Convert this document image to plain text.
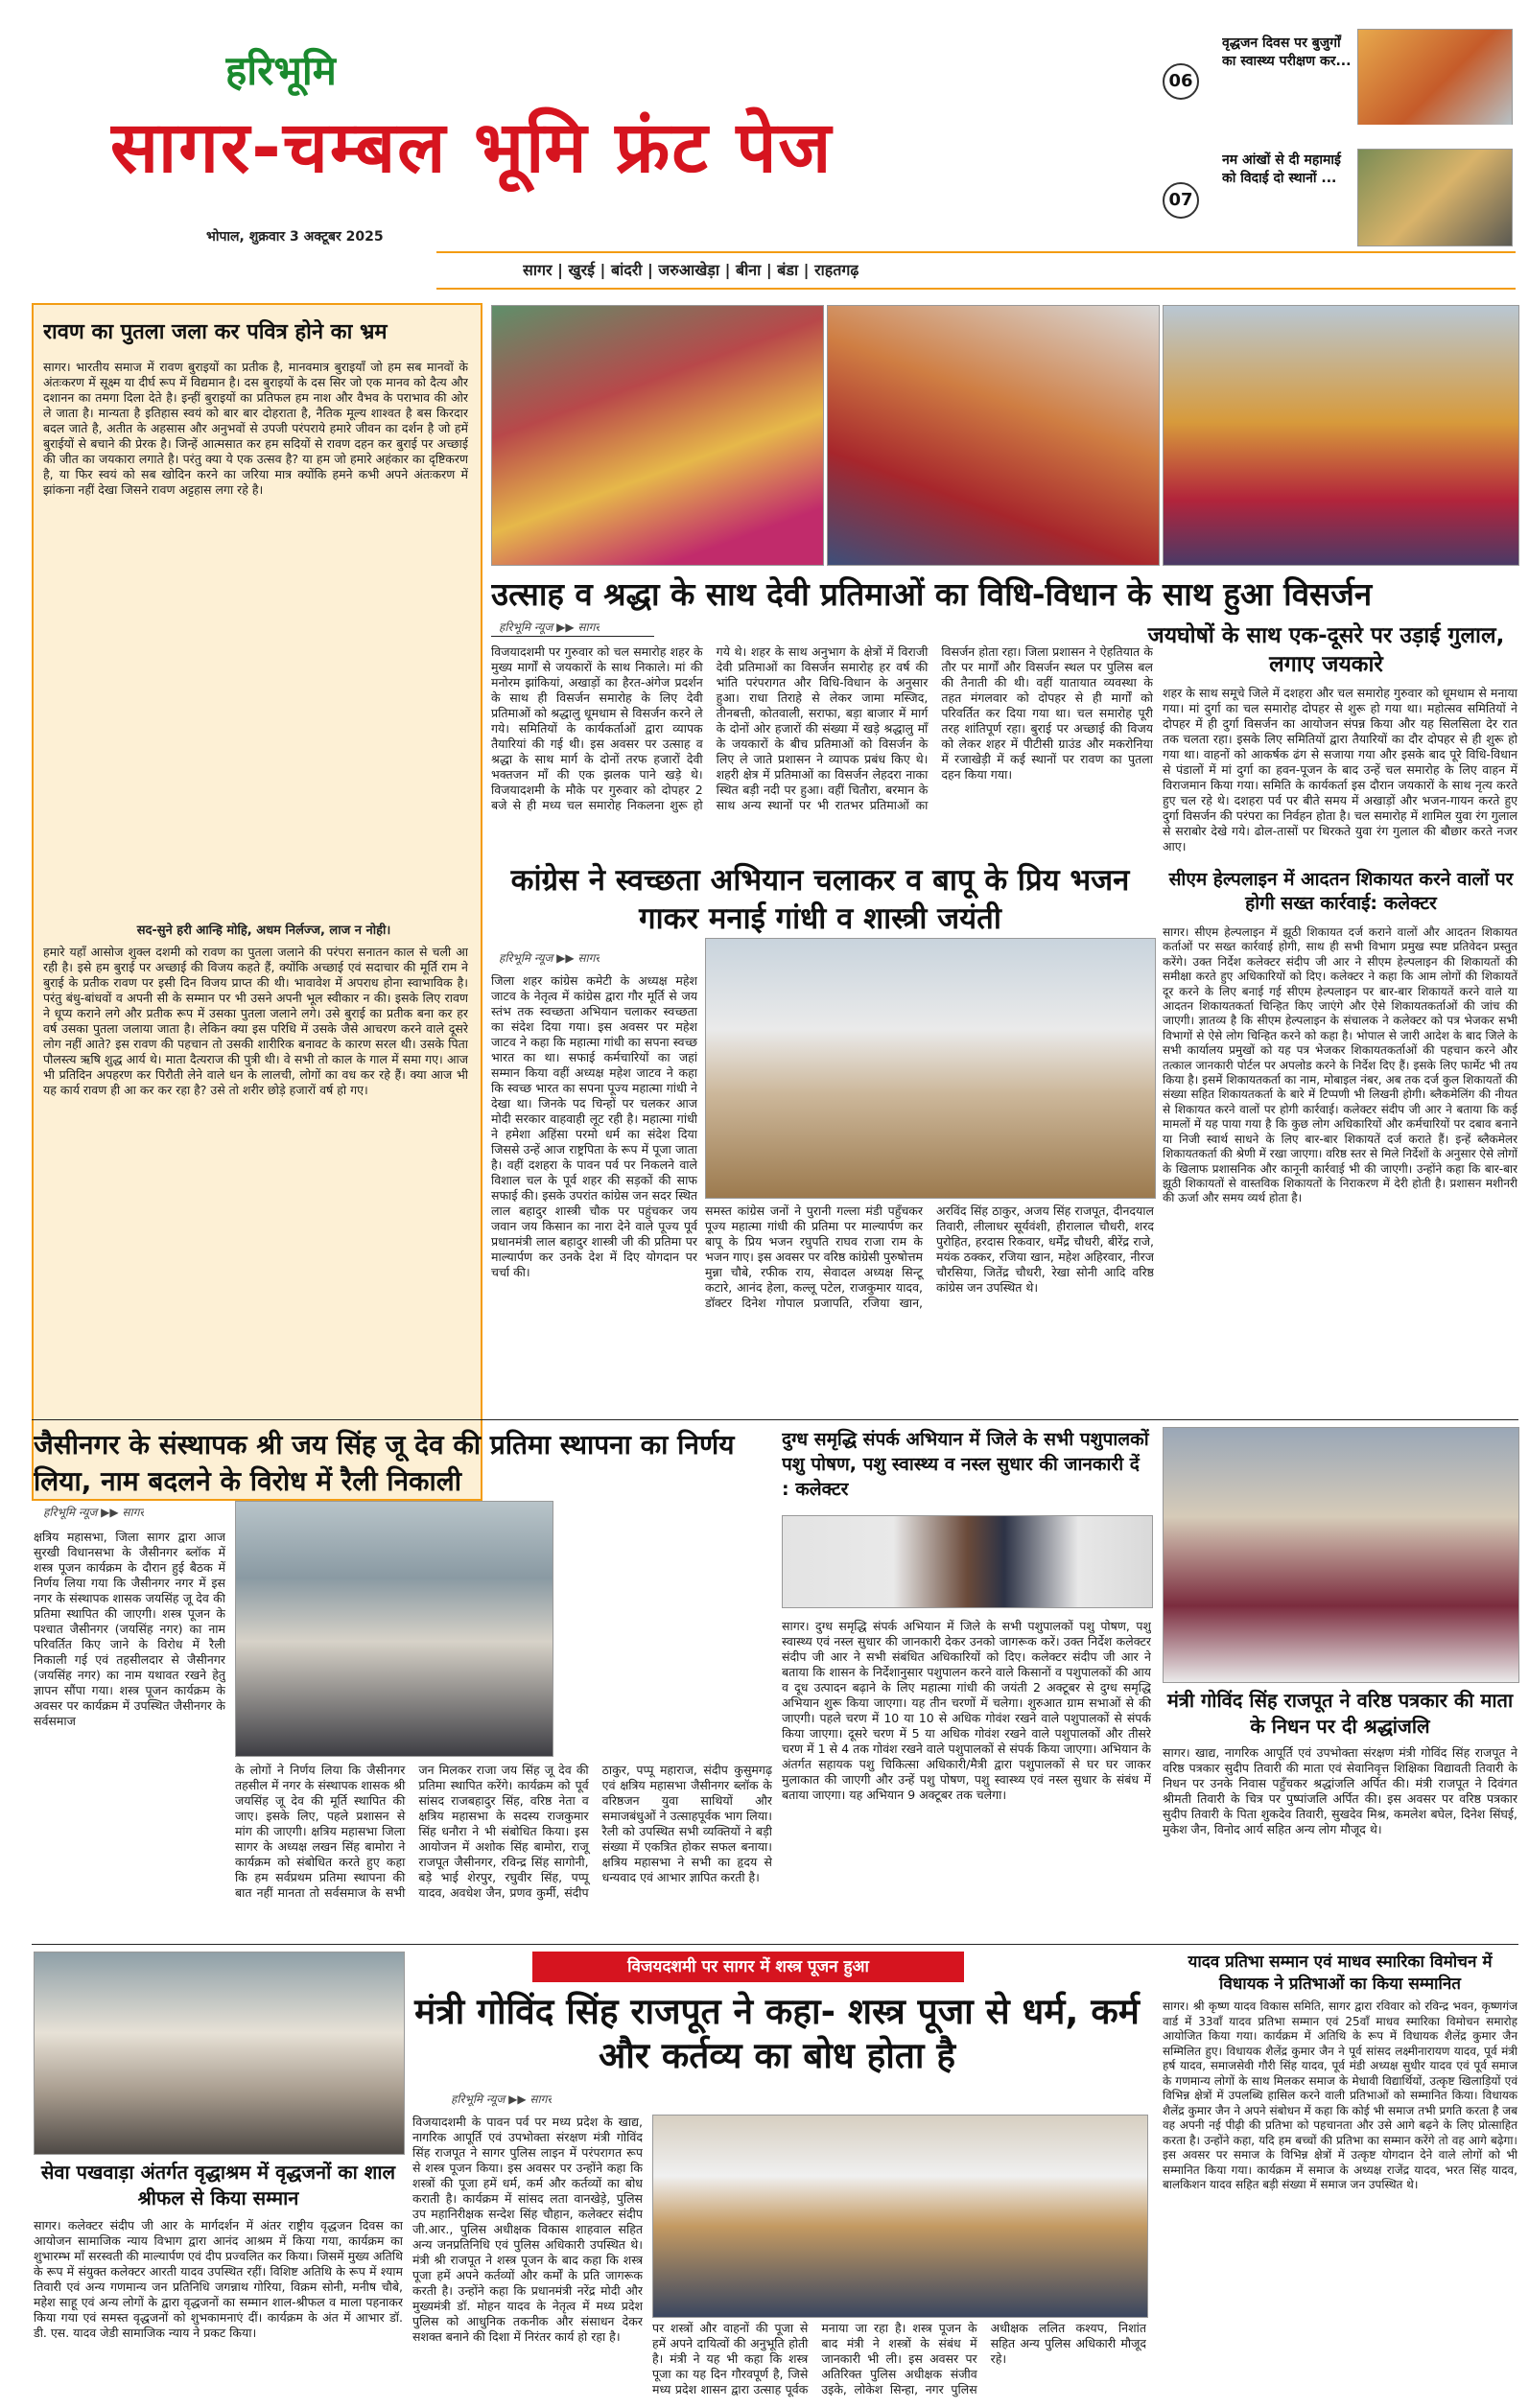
हरिभूमि
सागर-चम्बल भूमि फ्रंट पेज
भोपाल, शुक्रवार 3 अक्टूबर 2025
06
वृद्धजन दिवस पर बुजुर्गों का स्वास्थ्य परीक्षण कर...
07
नम आंखों से दी महामाई को विदाई दो स्थानों ...
सागर | खुरई | बांदरी | जरुआखेड़ा | बीना | बंडा | राहतगढ़
रावण का पुतला जला कर पवित्र होने का भ्रम
सागर। भारतीय समाज में रावण बुराइयों का प्रतीक है, मानवमात्र बुराइयाँ जो हम सब मानवों के अंतःकरण में सूक्ष्म या दीर्घ रूप में विद्यमान है। दस बुराइयों के दस सिर जो एक मानव को दैत्य और दशानन का तमगा दिला देते है। इन्हीं बुराइयों का प्रतिफल हम नाश और वैभव के पराभाव की ओर ले जाता है। मान्यता है इतिहास स्वयं को बार बार दोहराता है, नैतिक मूल्य शाश्वत है बस किरदार बदल जाते है, अतीत के अहसास और अनुभवों से उपजी परंपराये हमारे जीवन का दर्शन है जो हमें बुराईयों से बचाने की प्रेरक है। जिन्हें आत्मसात कर हम सदियों से रावण दहन कर बुराई पर अच्छाई की जीत का जयकारा लगाते है। परंतु क्या ये एक उत्सव है? या हम जो हमारे अहंकार का दृष्टिकरण है, या फिर स्वयं को सब खोदिन करने का जरिया मात्र क्योंकि हमने कभी अपने अंतःकरण में झांकना नहीं देखा जिसने रावण अट्टहास लगा रहे है।
सद-सुने हरी आन्हि मोहि, अधम निर्लज्ज, लाज न नोही।
हमारे यहाँ आसोज शुक्ल दशमी को रावण का पुतला जलाने की परंपरा सनातन काल से चली आ रही है। इसे हम बुराई पर अच्छाई की विजय कहते हैं, क्योंकि अच्छाई एवं सदाचार की मूर्ति राम ने बुराई के प्रतीक रावण पर इसी दिन विजय प्राप्त की थी। भावावेश में अपराध होना स्वाभाविक है। परंतु बंधु-बांधवों व अपनी सी के सम्मान पर भी उसने अपनी भूल स्वीकार न की। इसके लिए रावण ने धूप्य कराने लगे और प्रतीक रूप में उसका पुतला जलाने लगे। उसे बुराई का प्रतीक बना कर हर वर्ष उसका पुतला जलाया जाता है। लेकिन क्या इस परिधि में उसके जैसे आचरण करने वाले दूसरे लोग नहीं आते? इस रावण की पहचान तो उसकी शारीरिक बनावट के कारण सरल थी। उसके पिता पौलस्त्य ऋषि शुद्ध आर्य थे। माता दैत्यराज की पुत्री थी। वे सभी तो काल के गाल में समा गए। आज भी प्रतिदिन अपहरण कर पिरौती लेने वाले धन के लालची, लोगों का वध कर रहे हैं। क्या आज भी यह कार्य रावण ही आ कर कर रहा है? उसे तो शरीर छोड़े हजारों वर्ष हो गए।
उत्साह व श्रद्धा के साथ देवी प्रतिमाओं का विधि-विधान के साथ हुआ विसर्जन
हरिभूमि न्यूज ▶▶ सागर
विजयादशमी पर गुरुवार को चल समारोह शहर के मुख्य मार्गों से जयकारों के साथ निकाले। मां की मनोरम झांकियां, अखाड़ों का हैरत-अंगेज प्रदर्शन के साथ ही विसर्जन समारोह के लिए देवी प्रतिमाओं को श्रद्धालु धूमधाम से विसर्जन करने ले गये। समितियों के कार्यकर्ताओं द्वारा व्यापक तैयारियां की गई थी। इस अवसर पर उत्साह व श्रद्धा के साथ मार्ग के दोनों तरफ हजारों देवी भक्तजन माँ की एक झलक पाने खड़े थे। विजयादशमी के मौके पर गुरुवार को दोपहर 2 बजे से ही मध्य चल समारोह निकलना शुरू हो गये थे। शहर के साथ अनुभाग के क्षेत्रों में विराजी देवी प्रतिमाओं का विसर्जन समारोह हर वर्ष की भांति परंपरागत और विधि-विधान के अनुसार हुआ। राधा तिराहे से लेकर जामा मस्जिद, तीनबत्ती, कोतवाली, सराफा, बड़ा बाजार में मार्ग के दोनों ओर हजारों की संख्या में खड़े श्रद्धालु माँ के जयकारों के बीच प्रतिमाओं को विसर्जन के लिए ले जाते प्रशासन ने व्यापक प्रबंध किए थे। शहरी क्षेत्र में प्रतिमाओं का विसर्जन लेहदरा नाका स्थित बड़ी नदी पर हुआ। वहीं चितौरा, बरमान के साथ अन्य स्थानों पर भी रातभर प्रतिमाओं का विसर्जन होता रहा। जिला प्रशासन ने ऐहतियात के तौर पर मार्गों और विसर्जन स्थल पर पुलिस बल की तैनाती की थी। वहीं यातायात व्यवस्था के तहत मंगलवार को दोपहर से ही मार्गों को परिवर्तित कर दिया गया था। चल समारोह पूरी तरह शांतिपूर्ण रहा। बुराई पर अच्छाई की विजय को लेकर शहर में पीटीसी ग्राउंड और मकरोनिया में रजाखेड़ी में कई स्थानों पर रावण का पुतला दहन किया गया।
जयघोषों के साथ एक-दूसरे पर उड़ाई गुलाल, लगाए जयकारे
शहर के साथ समूचे जिले में दशहरा और चल समारोह गुरुवार को धूमधाम से मनाया गया। मां दुर्गा का चल समारोह दोपहर से शुरू हो गया था। महोत्सव समितियों ने दोपहर में ही दुर्गा विसर्जन का आयोजन संपन्न किया और यह सिलसिला देर रात तक चलता रहा। इसके लिए समितियों द्वारा तैयारियों का दौर दोपहर से ही शुरू हो गया था। वाहनों को आकर्षक ढंग से सजाया गया और इसके बाद पूरे विधि-विधान से पंडालों में मां दुर्गा का हवन-पूजन के बाद उन्हें चल समारोह के लिए वाहन में विराजमान किया गया। समिति के कार्यकर्ता इस दौरान जयकारों के साथ नृत्य करते हुए चल रहे थे। दशहरा पर्व पर बीते समय में अखाड़ों और भजन-गायन करते हुए दुर्गा विसर्जन की परंपरा का निर्वहन होता है। चल समारोह में शामिल युवा रंग गुलाल से सराबोर देखे गये। ढोल-तासों पर थिरकते युवा रंग गुलाल की बौछार करते नजर आए।
कांग्रेस ने स्वच्छता अभियान चलाकर व बापू के प्रिय भजन गाकर मनाई गांधी व शास्त्री जयंती
हरिभूमि न्यूज ▶▶ सागर
जिला शहर कांग्रेस कमेटी के अध्यक्ष महेश जाटव के नेतृत्व में कांग्रेस द्वारा गौर मूर्ति से जय स्तंभ तक स्वच्छता अभियान चलाकर स्वच्छता का संदेश दिया गया। इस अवसर पर महेश जाटव ने कहा कि महात्मा गांधी का सपना स्वच्छ भारत का था। सफाई कर्मचारियों का जहां सम्मान किया वहीं अध्यक्ष महेश जाटव ने कहा कि स्वच्छ भारत का सपना पूज्य महात्मा गांधी ने देखा था। जिनके पद चिन्हों पर चलकर आज मोदी सरकार वाहवाही लूट रही है। महात्मा गांधी ने हमेशा अहिंसा परमो धर्म का संदेश दिया जिससे उन्हें आज राष्ट्रपिता के रूप में पूजा जाता है। वहीं दशहरा के पावन पर्व पर निकलने वाले विशाल चल के पूर्व शहर की सड़कों की साफ सफाई की। इसके उपरांत कांग्रेस जन सदर स्थित लाल बहादुर शास्त्री चौक पर पहुंचकर जय जवान जय किसान का नारा देने वाले पूज्य पूर्व प्रधानमंत्री लाल बहादुर शास्त्री जी की प्रतिमा पर माल्यार्पण कर उनके देश में दिए योगदान पर चर्चा की।
समस्त कांग्रेस जनों ने पुरानी गल्ला मंडी पहुँचकर पूज्य महात्मा गांधी की प्रतिमा पर माल्यार्पण कर बापू के प्रिय भजन रघुपति राघव राजा राम के भजन गाए। इस अवसर पर वरिष्ठ कांग्रेसी पुरुषोत्तम मुन्ना चौबे, रफीक राय, सेवादल अध्यक्ष सिन्टू कटारे, आनंद हेला, कल्लू पटेल, राजकुमार यादव, डॉक्टर दिनेश गोपाल प्रजापति, रजिया खान, अरविंद सिंह ठाकुर, अजय सिंह राजपूत, दीनदयाल तिवारी, लीलाधर सूर्यवंशी, हीरालाल चौधरी, शरद पुरोहित, हरदास रिकवार, धर्मेंद्र चौधरी, बीरेंद्र राजे, मयंक ठक्कर, रजिया खान, महेश अहिरवार, नीरज चौरसिया, जितेंद्र चौधरी, रेखा सोनी आदि वरिष्ठ कांग्रेस जन उपस्थित थे।
सीएम हेल्पलाइन में आदतन शिकायत करने वालों पर होगी सख्त कार्रवाई: कलेक्टर
सागर। सीएम हेल्पलाइन में झूठी शिकायत दर्ज कराने वालों और आदतन शिकायत कर्ताओं पर सख्त कार्रवाई होगी, साथ ही सभी विभाग प्रमुख स्पष्ट प्रतिवेदन प्रस्तुत करेंगे। उक्त निर्देश कलेक्टर संदीप जी आर ने सीएम हेल्पलाइन की शिकायतों की समीक्षा करते हुए अधिकारियों को दिए। कलेक्टर ने कहा कि आम लोगों की शिकायतें दूर करने के लिए बनाई गई सीएम हेल्पलाइन पर बार-बार शिकायतें करने वाले या आदतन शिकायतकर्ता चिन्हित किए जाएंगे और ऐसे शिकायतकर्ताओं की जांच की जाएगी। ज्ञातव्य है कि सीएम हेल्पलाइन के संचालक ने कलेक्टर को पत्र भेजकर सभी विभागों से ऐसे लोग चिन्हित करने को कहा है। भोपाल से जारी आदेश के बाद जिले के सभी कार्यालय प्रमुखों को यह पत्र भेजकर शिकायतकर्ताओं की पहचान करने और तत्काल जानकारी पोर्टल पर अपलोड करने के निर्देश दिए हैं। इसके लिए फार्मेट भी तय किया है। इसमें शिकायतकर्ता का नाम, मोबाइल नंबर, अब तक दर्ज कुल शिकायतों की संख्या सहित शिकायतकर्ता के बारे में टिप्पणी भी लिखनी होगी। ब्लैकमेलिंग की नीयत से शिकायत करने वालों पर होगी कार्रवाई। कलेक्टर संदीप जी आर ने बताया कि कई मामलों में यह पाया गया है कि कुछ लोग अधिकारियों और कर्मचारियों पर दबाव बनाने या निजी स्वार्थ साधने के लिए बार-बार शिकायतें दर्ज कराते हैं। इन्हें ब्लैकमेलर शिकायतकर्ता की श्रेणी में रखा जाएगा। वरिष्ठ स्तर से मिले निर्देशों के अनुसार ऐसे लोगों के खिलाफ प्रशासनिक और कानूनी कार्रवाई भी की जाएगी। उन्होंने कहा कि बार-बार झूठी शिकायतों से वास्तविक शिकायतों के निराकरण में देरी होती है। प्रशासन मशीनरी की ऊर्जा और समय व्यर्थ होता है।
जैसीनगर के संस्थापक श्री जय सिंह जू देव की प्रतिमा स्थापना का निर्णय लिया, नाम बदलने के विरोध में रैली निकाली
हरिभूमि न्यूज ▶▶ सागर
क्षत्रिय महासभा, जिला सागर द्वारा आज सुरखी विधानसभा के जैसीनगर ब्लॉक में शस्त्र पूजन कार्यक्रम के दौरान हुई बैठक में निर्णय लिया गया कि जैसीनगर नगर में इस नगर के संस्थापक शासक जयसिंह जू देव की प्रतिमा स्थापित की जाएगी। शस्त्र पूजन के पश्चात जैसीनगर (जयसिंह नगर) का नाम परिवर्तित किए जाने के विरोध में रैली निकाली गई एवं तहसीलदार से जैसीनगर (जयसिंह नगर) का नाम यथावत रखने हेतु ज्ञापन सौंपा गया। शस्त्र पूजन कार्यक्रम के अवसर पर कार्यक्रम में उपस्थित जैसीनगर के सर्वसमाज
के लोगों ने निर्णय लिया कि जैसीनगर तहसील में नगर के संस्थापक शासक श्री जयसिंह जू देव की मूर्ति स्थापित की जाए। इसके लिए, पहले प्रशासन से मांग की जाएगी। क्षत्रिय महासभा जिला सागर के अध्यक्ष लखन सिंह बामोरा ने कार्यक्रम को संबोधित करते हुए कहा कि हम सर्वप्रथम प्रतिमा स्थापना की बात नहीं मानता तो सर्वसमाज के सभी जन मिलकर राजा जय सिंह जू देव की प्रतिमा स्थापित करेंगे। कार्यक्रम को पूर्व सांसद राजबहादुर सिंह, वरिष्ठ नेता व क्षत्रिय महासभा के सदस्य राजकुमार सिंह धनौरा ने भी संबोधित किया। इस आयोजन में अशोक सिंह बामोरा, राजू राजपूत जैसीनगर, रविन्द्र सिंह सागोनी, बड़े भाई शेरपुर, रघुवीर सिंह, पप्पू यादव, अवधेश जैन, प्रणव कुर्मी, संदीप ठाकुर, पप्पू महाराज, संदीप कुसुमगढ़ एवं क्षत्रिय महासभा जैसीनगर ब्लॉक के वरिष्ठजन युवा साथियों और समाजबंधुओं ने उत्साहपूर्वक भाग लिया। रैली को उपस्थित सभी व्यक्तियों ने बड़ी संख्या में एकत्रित होकर सफल बनाया। क्षत्रिय महासभा ने सभी का हृदय से धन्यवाद एवं आभार ज्ञापित करती है।
दुग्ध समृद्धि संपर्क अभियान में जिले के सभी पशुपालकों पशु पोषण, पशु स्वास्थ्य व नस्ल सुधार की जानकारी दें : कलेक्टर
सागर। दुग्ध समृद्धि संपर्क अभियान में जिले के सभी पशुपालकों पशु पोषण, पशु स्वास्थ्य एवं नस्ल सुधार की जानकारी देकर उनको जागरूक करें। उक्त निर्देश कलेक्टर संदीप जी आर ने सभी संबंधित अधिकारियों को दिए। कलेक्टर संदीप जी आर ने बताया कि शासन के निर्देशानुसार पशुपालन करने वाले किसानों व पशुपालकों की आय व दूध उत्पादन बढ़ाने के लिए महात्मा गांधी की जयंती 2 अक्टूबर से दुग्ध समृद्धि अभियान शुरू किया जाएगा। यह तीन चरणों में चलेगा। शुरुआत ग्राम सभाओं से की जाएगी। पहले चरण में 10 या 10 से अधिक गोवंश रखने वाले पशुपालकों से संपर्क किया जाएगा। दूसरे चरण में 5 या अधिक गोवंश रखने वाले पशुपालकों और तीसरे चरण में 1 से 4 तक गोवंश रखने वाले पशुपालकों से संपर्क किया जाएगा। अभियान के अंतर्गत सहायक पशु चिकित्सा अधिकारी/मैत्री द्वारा पशुपालकों से घर घर जाकर मुलाकात की जाएगी और उन्हें पशु पोषण, पशु स्वास्थ्य एवं नस्ल सुधार के संबंध में बताया जाएगा। यह अभियान 9 अक्टूबर तक चलेगा।
मंत्री गोविंद सिंह राजपूत ने वरिष्ठ पत्रकार की माता के निधन पर दी श्रद्धांजलि
सागर। खाद्य, नागरिक आपूर्ति एवं उपभोक्ता संरक्षण मंत्री गोविंद सिंह राजपूत ने वरिष्ठ पत्रकार सुदीप तिवारी की माता एवं सेवानिवृत्त शिक्षिका विद्यावती तिवारी के निधन पर उनके निवास पहुँचकर श्रद्धांजलि अर्पित की। मंत्री राजपूत ने दिवंगत श्रीमती तिवारी के चित्र पर पुष्पांजलि अर्पित की। इस अवसर पर वरिष्ठ पत्रकार सुदीप तिवारी के पिता शुकदेव तिवारी, सुखदेव मिश्र, कमलेश बघेल, दिनेश सिंघई, मुकेश जैन, विनोद आर्य सहित अन्य लोग मौजूद थे।
सेवा पखवाड़ा अंतर्गत वृद्धाश्रम में वृद्धजनों का शाल श्रीफल से किया सम्मान
सागर। कलेक्टर संदीप जी आर के मार्गदर्शन में अंतर राष्ट्रीय वृद्धजन दिवस का आयोजन सामाजिक न्याय विभाग द्वारा आनंद आश्रम में किया गया, कार्यक्रम का शुभारम्भ माँ सरस्वती की माल्यार्पण एवं दीप प्रज्वलित कर किया। जिसमें मुख्य अतिथि के रूप में संयुक्त कलेक्टर आरती यादव उपस्थित रहीं। विशिष्ट अतिथि के रूप में श्याम तिवारी एवं अन्य गणमान्य जन प्रतिनिधि जगन्नाथ गोरिया, विक्रम सोनी, मनीष चौबे, महेश साहू एवं अन्य लोगों के द्वारा वृद्धजनों का सम्मान शाल-श्रीफल व माला पहनाकर किया गया एवं समस्त वृद्धजनों को शुभकामनाएं दीं। कार्यक्रम के अंत में आभार डॉ. डी. एस. यादव जेडी सामाजिक न्याय ने प्रकट किया।
विजयदशमी पर सागर में शस्त्र पूजन हुआ
मंत्री गोविंद सिंह राजपूत ने कहा- शस्त्र पूजा से धर्म, कर्म और कर्तव्य का बोध होता है
हरिभूमि न्यूज ▶▶ सागर
विजयादशमी के पावन पर्व पर मध्य प्रदेश के खाद्य, नागरिक आपूर्ति एवं उपभोक्ता संरक्षण मंत्री गोविंद सिंह राजपूत ने सागर पुलिस लाइन में परंपरागत रूप से शस्त्र पूजन किया। इस अवसर पर उन्होंने कहा कि शस्त्रों की पूजा हमें धर्म, कर्म और कर्तव्यों का बोध कराती है। कार्यक्रम में सांसद लता वानखेड़े, पुलिस उप महानिरीक्षक सन्देश सिंह चौहान, कलेक्टर संदीप जी.आर., पुलिस अधीक्षक विकास शाहवाल सहित अन्य जनप्रतिनिधि एवं पुलिस अधिकारी उपस्थित थे। मंत्री श्री राजपूत ने शस्त्र पूजन के बाद कहा कि शस्त्र पूजा हमें अपने कर्तव्यों और कर्मों के प्रति जागरूक करती है। उन्होंने कहा कि प्रधानमंत्री नरेंद्र मोदी और मुख्यमंत्री डॉ. मोहन यादव के नेतृत्व में मध्य प्रदेश पुलिस को आधुनिक तकनीक और संसाधन देकर सशक्त बनाने की दिशा में निरंतर कार्य हो रहा है।
पर शस्त्रों और वाहनों की पूजा से हमें अपने दायित्वों की अनुभूति होती है। मंत्री ने यह भी कहा कि शस्त्र पूजा का यह दिन गौरवपूर्ण है, जिसे मध्य प्रदेश शासन द्वारा उत्साह पूर्वक मनाया जा रहा है। शस्त्र पूजन के बाद मंत्री ने शस्त्रों के संबंध में जानकारी भी ली। इस अवसर पर अतिरिक्त पुलिस अधीक्षक संजीव उइके, लोकेश सिन्हा, नगर पुलिस अधीक्षक ललित कश्यप, निशांत सहित अन्य पुलिस अधिकारी मौजूद रहे।
यादव प्रतिभा सम्मान एवं माधव स्मारिका विमोचन में विधायक ने प्रतिभाओं का किया सम्मानित
सागर। श्री कृष्ण यादव विकास समिति, सागर द्वारा रविवार को रविन्द्र भवन, कृष्णगंज वार्ड में 33वाँ यादव प्रतिभा सम्मान एवं 25वाँ माधव स्मारिका विमोचन समारोह आयोजित किया गया। कार्यक्रम में अतिथि के रूप में विधायक शैलेंद्र कुमार जैन सम्मिलित हुए। विधायक शैलेंद्र कुमार जैन ने पूर्व सांसद लक्ष्मीनारायण यादव, पूर्व मंत्री हर्ष यादव, समाजसेवी गौरी सिंह यादव, पूर्व मंडी अध्यक्ष सुधीर यादव एवं पूर्व समाज के गणमान्य लोगों के साथ मिलकर समाज के मेधावी विद्यार्थियों, उत्कृष्ट खिलाड़ियों एवं विभिन्न क्षेत्रों में उपलब्धि हासिल करने वाली प्रतिभाओं को सम्मानित किया। विधायक शैलेंद्र कुमार जैन ने अपने संबोधन में कहा कि कोई भी समाज तभी प्रगति करता है जब वह अपनी नई पीढ़ी की प्रतिभा को पहचानता और उसे आगे बढ़ने के लिए प्रोत्साहित करता है। उन्होंने कहा, यदि हम बच्चों की प्रतिभा का सम्मान करेंगे तो वह आगे बढ़ेगा। इस अवसर पर समाज के विभिन्न क्षेत्रों में उत्कृष्ट योगदान देने वाले लोगों को भी सम्मानित किया गया। कार्यक्रम में समाज के अध्यक्ष राजेंद्र यादव, भरत सिंह यादव, बालकिशन यादव सहित बड़ी संख्या में समाज जन उपस्थित थे।
